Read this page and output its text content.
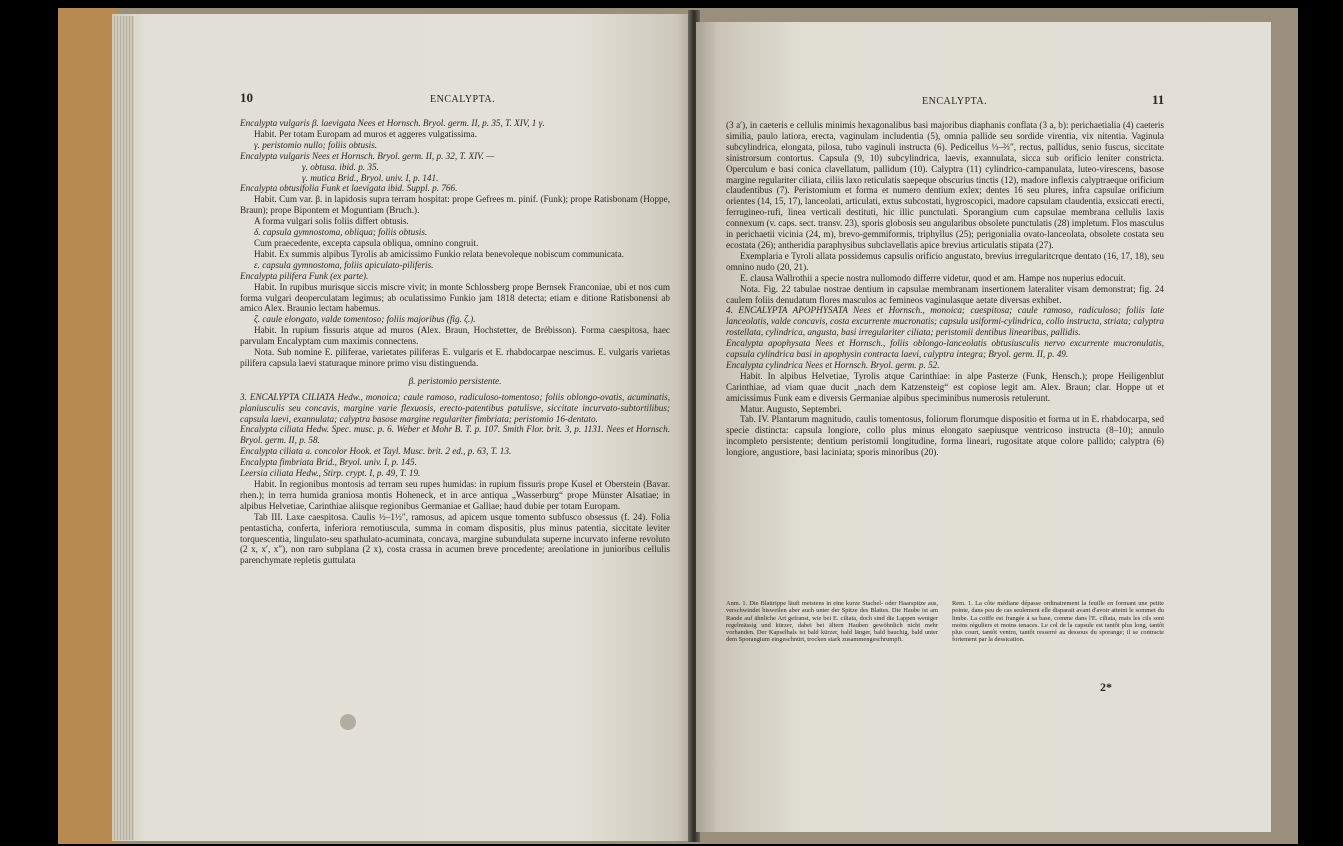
10	ENCALYPTA.

Encalypta vulgaris β. laevigata Nees et Hornsch. Bryol. germ. II, p. 35, T. XIV, 1 γ.

Habit. Per totam Europam ad muros et aggeres vulgatissima.

γ. peristomio nullo; foliis obtusis.

Encalypta vulgaris Nees et Hornsch. Bryol. germ. II, p. 32, T. XIV. —

γ. obtusa. ibid. p. 35.

γ. mutica Brid., Bryol. univ. I, p. 141.

Encalypta obtusifolia Funk et laevigata ibid. Suppl. p. 766.

Habit. Cum var. β. in lapidosis supra terram hospitat: prope Gefrees m. pinif. (Funk); prope Ratisbonam (Hoppe, Braun); prope Bipontem et Moguntiam (Bruch.).

A forma vulgari solis foliis differt obtusis.

δ. capsula gymnostoma, obliqua; foliis obtusis.

Cum praecedente, excepta capsula obliqua, omnino congruit.

Habit. Ex summis alpibus Tyrolis ab amicissimo Funkio relata benevoleque nobiscum communicata.

ε. capsula gymnostoma, foliis apiculato-piliferis.

Encalypta pilifera Funk (ex parte).

Habit. In rupibus murisque siccis miscre vivit; in monte Schlossberg prope Bernsek Franconiae, ubi et nos cum forma vulgari deoperculatam legimus; ab oculatissimo Funkio jam 1818 detecta; etiam e ditione Ratisbonensi ab amico Alex. Braunio lectam habemus.

ζ. caule elongato, valde tomentoso; foliis majoribus (fig. ζ.).

Habit. In rupium fissuris atque ad muros (Alex. Braun, Hochstetter, de Brébisson). Forma caespitosa, haec parvulam Encalyptam cum maximis connectens.

Nota. Sub nomine E. piliferae, varietates piliferas E. vulgaris et E. rhabdocarpae nescimus. E. vulgaris varietas pilifera capsula laevi staturaque minore primo visu distinguenda.

β. peristomio persistente.

3. ENCALYPTA CILIATA Hedw., monoica; caule ramoso, radiculoso-tomentoso; foliis oblongo-ovatis, acuminatis, planiusculis seu concavis, margine varie flexuosis, erecto-patentibus patulisve, siccitate incurvato-subtortilibus; capsula laevi, exannulata; calyptra basose margine regulariter fimbriata; peristomio 16-dentato.

Encalypta ciliata Hedw. Spec. musc. p. 6. Weber et Mohr B. T. p. 107. Smith Flor. brit. 3, p. 1131. Nees et Hornsch. Bryol. germ. II, p. 58.

Encalypta ciliata a. concolor Hook. et Tayl. Musc. brit. 2 ed., p. 63, T. 13.

Encalypta fimbriata Brid., Bryol. univ. I, p. 145.

Leersia ciliata Hedw., Stirp. crypt. I, p. 49, T. 19.

Habit. In regionibus montosis ad terram seu rupes humidas: in rupium fissuris prope Kusel et Oberstein (Bavar. rhen.); in terra humida graniosa montis Hoheneck, et in arce antiqua „Wasserburg“ prope Münster Alsatiae; in alpibus Helvetiae, Carinthiae aliisque regionibus Germaniae et Galliae; haud dubie per totam Europam.

Tab III. Laxe caespitosa. Caulis ½–1½″, ramosus, ad apicem usque tomento subfusco obsessus (f. 24). Folia pentasticha, conferta, inferiora remotiuscula, summa in comam dispositis, plus minus patentia, siccitate leviter torquescentia, lingulato-seu spathulato-acuminata, concava, margine subundulata superne incurvato inferne revoluto (2 x, x′, x″), non raro subplana (2 x), costa crassa in acumen breve procedente; areolatione in junioribus cellulis parenchymate repletis guttulata

ENCALYPTA.	11

(3 a′), in caeteris e cellulis minimis hexagonalibus basi majoribus diaphanis conflata (3 a, b): perichaetialia (4) caeteris similia, paulo latiora, erecta, vaginulam includentia (5), omnia pallide seu sordide virentia, vix nitentia. Vaginula subcylindrica, elongata, pilosa, tubo vaginuli instructa (6). Pedicellus ⅓–⅔″, rectus, pallidus, senio fuscus, siccitate sinistrorsum contortus. Capsula (9, 10) subcylindrica, laevis, exannulata, sicca sub orificio leniter constricta. Operculum e basi conica clavellatum, pallidum (10). Calyptra (11) cylindrico-campanulata, luteo-virescens, basose margine regulariter ciliata, ciliis laxo reticulatis saepeque obscurius tinctis (12), madore inflexis calyptraeque orificium claudentibus (7). Peristomium et forma et numero dentium exlex; dentes 16 seu plures, infra capsulae orificium orientes (14, 15, 17), lanceolati, articulati, extus subcostati, hygroscopici, madore capsulam claudentia, exsiccati erecti, ferrugineo-rufi, linea verticali destituti, hic illic punctulati. Sporangium cum capsulae membrana cellulis laxis connexum (v. caps. sect. transv. 23), sporis globosis seu angularibus obsolete punctulatis (28) impletum. Flos masculus in perichaetii vicinia (24, m), brevo-gemmiformis, triphyllus (25); perigonialia ovato-lanceolata, obsolete costata seu ecostata (26); antheridia paraphysibus subclavellatis apice brevius articulatis stipata (27).

Exemplaria e Tyroli allata possidemus capsulis orificio angustato, brevius irregularitcrque dentato (16, 17, 18), seu omnino nudo (20, 21).

E. clausa Wallrothii a specie nostra nullomodo differre videtur, quod et am. Hampe nos nuperius edocuit.

Nota. Fig. 22 tabulae nostrae dentium in capsulae membranam insertionem lateraliter visam demonstrat; fig. 24 caulem foliis denudatum flores masculos ac femineos vaginulasque aetate diversas exhibet.

4. ENCALYPTA APOPHYSATA Nees et Hornsch., monoica; caespitosa; caule ramoso, radiculoso; foliis late lanceolatis, valde concavis, costa excurrente mucronatis; capsula usiformi-cylindrica, collo instructa, striata; calyptra rostellata, cylindrica, angusta, basi irregulariter ciliata; peristomii dentibus linearibus, pallidis.

Encalypta apophysata Nees et Hornsch., foliis oblongo-lanceolatis obtusiusculis nervo excurrente mucronulatis, capsula cylindrica basi in apophysin contracta laevi, calyptra integra; Bryol. germ. II, p. 49.

Encalypta cylindrica Nees et Hornsch. Bryol. germ. p. 52.

Habit. In alpibus Helvetiae, Tyrolis atque Carinthiae: in alpe Pasterze (Funk, Hensch.); prope Heiligenblut Carinthiae, ad viam quae ducit „nach dem Katzensteig“ est copiose legit am. Alex. Braun; clar. Hoppe ut et amicissimus Funk eam e diversis Germaniae alpibus speciminibus numerosis retulerunt.

Matur. Augusto, Septembri.

Tab. IV. Plantarum magnitudo, caulis tomentosus, foliorum florumque dispositio et forma ut in E. rhabdocarpa, sed specie distincta: capsula longiore, collo plus minus elongato saepiusque ventricoso instructa (8–10); annulo incompleto persistente; dentium peristomii longitudine, forma lineari, rugositate atque colore pallido; calyptra (6) longiore, angustiore, basi laciniata; sporis minoribus (20).

Anm. 1. Die Blattrippe läuft meistens in eine kurze Stachel- oder Haarspitze aus, verschwindet bisweilen aber auch unter der Spitze des Blattes. Die Haube ist am Rande auf ähnliche Art gefranst, wie bei E. ciliata, doch sind die Lappen weniger regelmässig und kürzer, dabei bei ältern Hauben gewöhnlich nicht mehr vorhanden. Der Kapselhals ist bald kürzer, bald länger, bald bauchig, bald unter dem Sporangium eingeschnürt, trocken stark zusammengeschrumpft.
Rem. 1. La côte médiane dépasse ordinairement la feuille en formant une petite pointe, dans peu de cas seulement elle disparait avant d'avoir atteint le sommet du limbe. La coiffe est frangée à sa base, comme dans l'E. ciliata, mais les cils sont moins réguliers et moins tenaces. Le col de la capsule est tantôt plus long, tantôt plus court, tantôt ventru, tantôt resserré au dessous du sporange; il se contracte fortement par la dessication.
2*
